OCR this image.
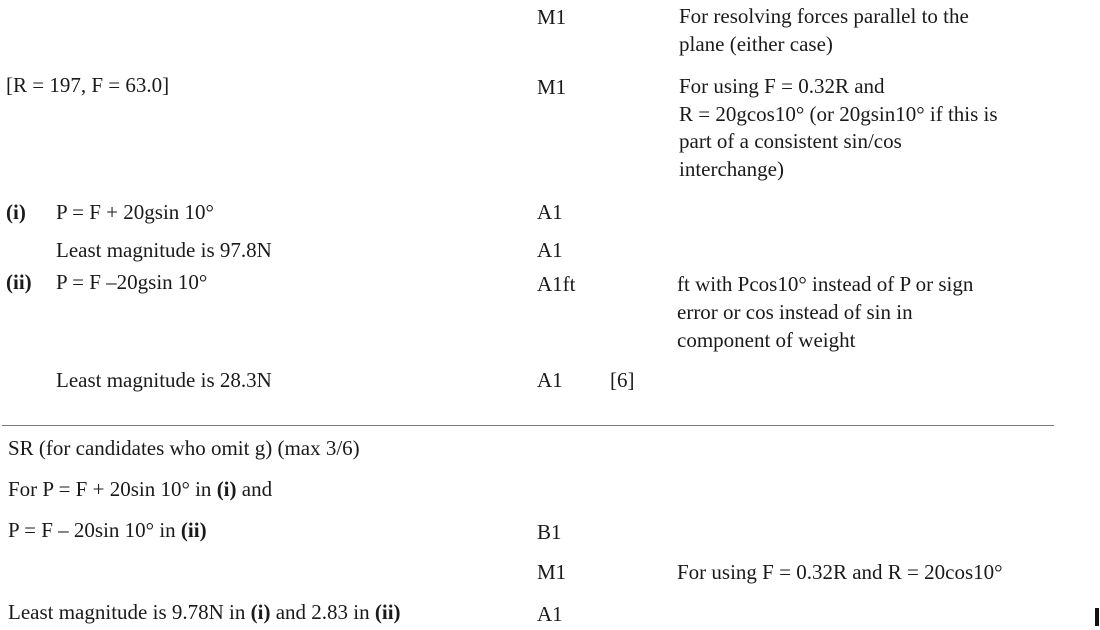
M1	For resolving forces parallel to the
plane (either case)
[R = 197, F = 63.0]	M1	For using F = 0.32R and
R = 20gcos10° (or 20gsin10° if this is
part of a consistent sin/cos
interchange)
(i) P = F + 20gsin 10°	A1
Least magnitude is 97.8N	A1
(ii) P = F –20gsin 10°	A1ft	ft with Pcos10° instead of P or sign
error or cos instead of sin in
component of weight
Least magnitude is 28.3N	A1 [6]
SR (for candidates who omit g) (max 3/6)
For P = F + 20sin 10° in (i) and
P = F – 20sin 10° in (ii)	B1
M1	For using F = 0.32R and R = 20cos10°
Least magnitude is 9.78N in (i) and 2.83 in (ii)	A1
